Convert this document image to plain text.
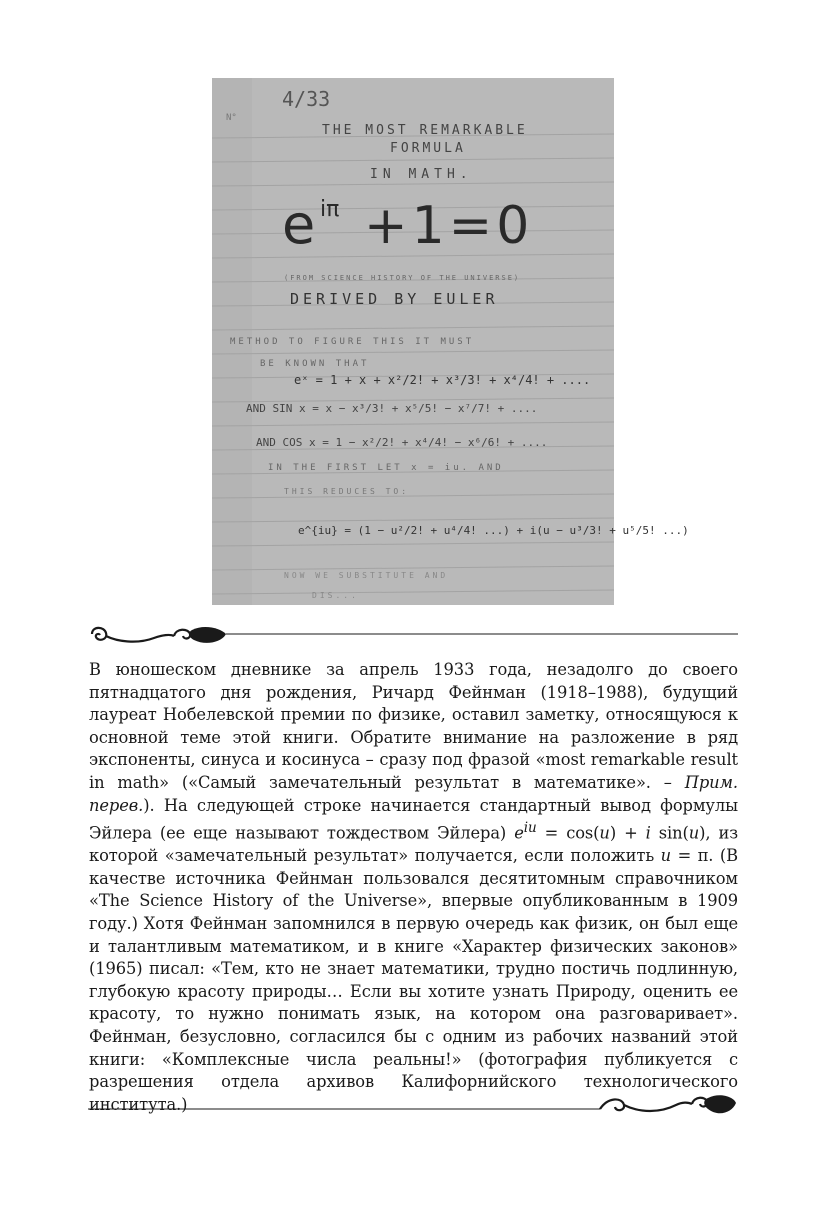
4/33
N°
THE MOST REMARKABLE
FORMULA
IN MATH.
e iπ +1=0
(FROM SCIENCE HISTORY OF THE UNIVERSE)
DERIVED BY EULER
METHOD TO FIGURE THIS IT MUST
BE KNOWN THAT
eˣ = 1 + x + x²/2! + x³/3! + x⁴/4! + ....
AND SIN x = x − x³/3! + x⁵/5! − x⁷/7! + ....
AND COS x = 1 − x²/2! + x⁴/4! − x⁶/6! + ....
IN THE FIRST LET x = iu. AND
THIS REDUCES TO:
e^{iu} = (1 − u²/2! + u⁴/4! ...) + i(u − u³/3! + u⁵/5! ...)
NOW WE SUBSTITUTE AND
DIS...

В юношеском дневнике за апрель 1933 года, незадолго до своего пятнадцатого дня рождения, Ричард Фейнман (1918–1988), будущий лауреат Нобелевской премии по физике, оставил заметку, относящуюся к основной теме этой книги. Обратите внимание на разложение в ряд экспоненты, синуса и косинуса – сразу под фразой «most remarkable result in math» («Самый замечательный результат в математике». – Прим. перев.). На следующей строке начинается стандартный вывод формулы Эйлера (ее еще называют тождеством Эйлера) $e^{iu} = \cos(u) + i$ sin(u), из которой «замечательный результат» получается, если положить u = π. (В качестве источника Фейнман пользовался десятитомным справочником «The Science History of the Universe», впервые опубликованным в 1909 году.) Хотя Фейнман запомнился в первую очередь как физик, он был еще и талантливым математиком, и в книге «Характер физических законов» (1965) писал: «Тем, кто не знает математики, трудно постичь подлинную, глубокую красоту природы… Если вы хотите узнать Природу, оценить ее красоту, то нужно понимать язык, на котором она разговаривает». Фейнман, безусловно, согласился бы с одним из рабочих названий этой книги: «Комплексные числа реальны!» (фотография публикуется с разрешения отдела архивов Калифорнийского технологического института.)
